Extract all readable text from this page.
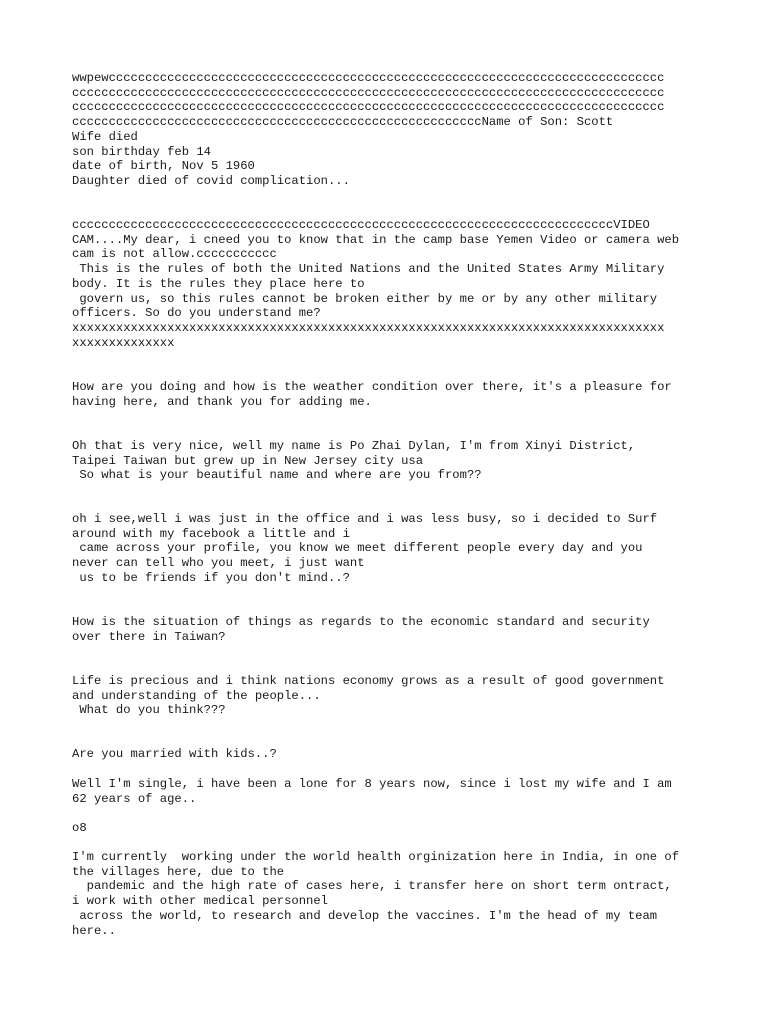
wwpewcccccccccccccccccccccccccccccccccccccccccccccccccccccccccccccccccccccccccccc
ccccccccccccccccccccccccccccccccccccccccccccccccccccccccccccccccccccccccccccccccc
ccccccccccccccccccccccccccccccccccccccccccccccccccccccccccccccccccccccccccccccccc
ccccccccccccccccccccccccccccccccccccccccccccccccccccccccName of Son: Scott
Wife died
son birthday feb 14
date of birth, Nov 5 1960
Daughter died of covid complication...
ccccccccccccccccccccccccccccccccccccccccccccccccccccccccccccccccccccccccccVIDEO
CAM....My dear, i cneed you to know that in the camp base Yemen Video or camera web
cam is not allow.ccccccccccc
This is the rules of both the United Nations and the United States Army Military
body. It is the rules they place here to
govern us, so this rules cannot be broken either by me or by any other military
officers. So do you understand me?
xxxxxxxxxxxxxxxxxxxxxxxxxxxxxxxxxxxxxxxxxxxxxxxxxxxxxxxxxxxxxxxxxxxxxxxxxxxxxxxxx
xxxxxxxxxxxxxx
How are you doing and how is the weather condition over there, it's a pleasure for
having here, and thank you for adding me.
Oh that is very nice, well my name is Po Zhai Dylan, I'm from Xinyi District,
Taipei Taiwan but grew up in New Jersey city usa
So what is your beautiful name and where are you from??
oh i see,well i was just in the office and i was less busy, so i decided to Surf
around with my facebook a little and i
came across your profile, you know we meet different people every day and you
never can tell who you meet, i just want
us to be friends if you don't mind..?
How is the situation of things as regards to the economic standard and security
over there in Taiwan?
Life is precious and i think nations economy grows as a result of good government
and understanding of the people...
What do you think???
Are you married with kids..?
Well I'm single, i have been a lone for 8 years now, since i lost my wife and I am
62 years of age..
o8
I'm currently  working under the world health orginization here in India, in one of
the villages here, due to the
pandemic and the high rate of cases here, i transfer here on short term ontract,
i work with other medical personnel
across the world, to research and develop the vaccines. I'm the head of my team
here..
